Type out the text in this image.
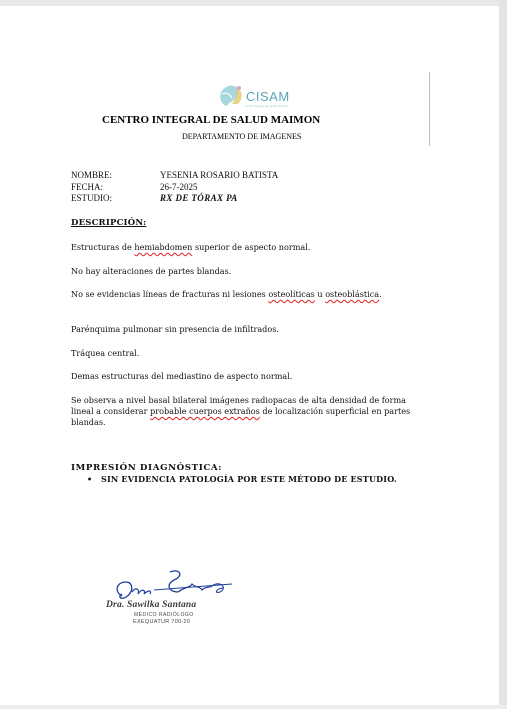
CISAM
centro integral de salud maimon
CENTRO INTEGRAL DE SALUD MAIMON
DEPARTAMENTO DE IMAGENES
NOMBRE:	YESENIA ROSARIO BATISTA
FECHA:	26-7-2025
ESTUDIO:	RX DE TÓRAX PA
DESCRIPCIÓN:
Estructuras de hemiabdomen superior de aspecto normal.
No hay alteraciones de partes blandas.
No se evidencias líneas de fracturas ni lesiones osteolíticas u osteoblástica.
Parénquima pulmonar sin presencia de infiltrados.
Tráquea central.
Demas estructuras del mediastino de aspecto normal.
Se observa a nivel basal bilateral imágenes radiopacas de alta densidad de forma lineal a considerar probable cuerpos extraños de localización superficial en partes blandas.
IMPRESIÓN DIAGNÓSTICA:
• SIN EVIDENCIA PATOLOGÍA POR ESTE MÉTODO DE ESTUDIO.
Dra. Sawilka Santana
MÉDICO RADIÓLOGO
EXEQUATUR 700-20
